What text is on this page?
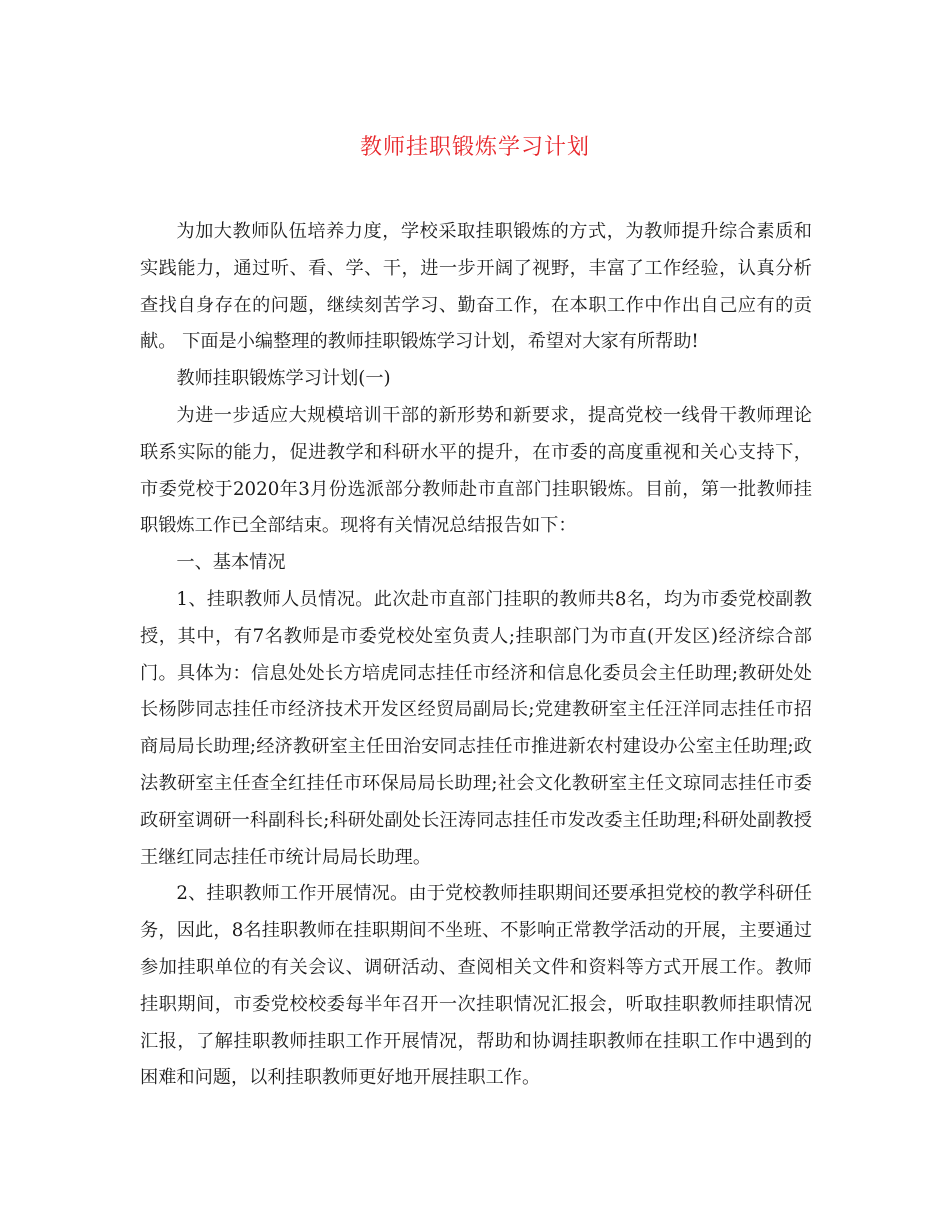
教师挂职锻炼学习计划

为加大教师队伍培养力度，学校采取挂职锻炼的方式，为教师提升综合素质和实践能力，通过听、看、学、干，进一步开阔了视野，丰富了工作经验，认真分析查找自身存在的问题，继续刻苦学习、勤奋工作，在本职工作中作出自己应有的贡献。 下面是小编整理的教师挂职锻炼学习计划，希望对大家有所帮助!

教师挂职锻炼学习计划(一)

为进一步适应大规模培训干部的新形势和新要求，提高党校一线骨干教师理论联系实际的能力，促进教学和科研水平的提升，在市委的高度重视和关心支持下，市委党校于2020年3月份选派部分教师赴市直部门挂职锻炼。目前，第一批教师挂职锻炼工作已全部结束。现将有关情况总结报告如下：

一、基本情况

1、挂职教师人员情况。此次赴市直部门挂职的教师共8名，均为市委党校副教授，其中，有7名教师是市委党校处室负责人;挂职部门为市直(开发区)经济综合部门。具体为：信息处处长方培虎同志挂任市经济和信息化委员会主任助理;教研处处长杨陟同志挂任市经济技术开发区经贸局副局长;党建教研室主任汪洋同志挂任市招商局局长助理;经济教研室主任田治安同志挂任市推进新农村建设办公室主任助理;政法教研室主任查全红挂任市环保局局长助理;社会文化教研室主任文琼同志挂任市委政研室调研一科副科长;科研处副处长汪涛同志挂任市发改委主任助理;科研处副教授王继红同志挂任市统计局局长助理。

2、挂职教师工作开展情况。由于党校教师挂职期间还要承担党校的教学科研任务，因此，8名挂职教师在挂职期间不坐班、不影响正常教学活动的开展，主要通过参加挂职单位的有关会议、调研活动、查阅相关文件和资料等方式开展工作。教师挂职期间，市委党校校委每半年召开一次挂职情况汇报会，听取挂职教师挂职情况汇报，了解挂职教师挂职工作开展情况，帮助和协调挂职教师在挂职工作中遇到的困难和问题，以利挂职教师更好地开展挂职工作。
